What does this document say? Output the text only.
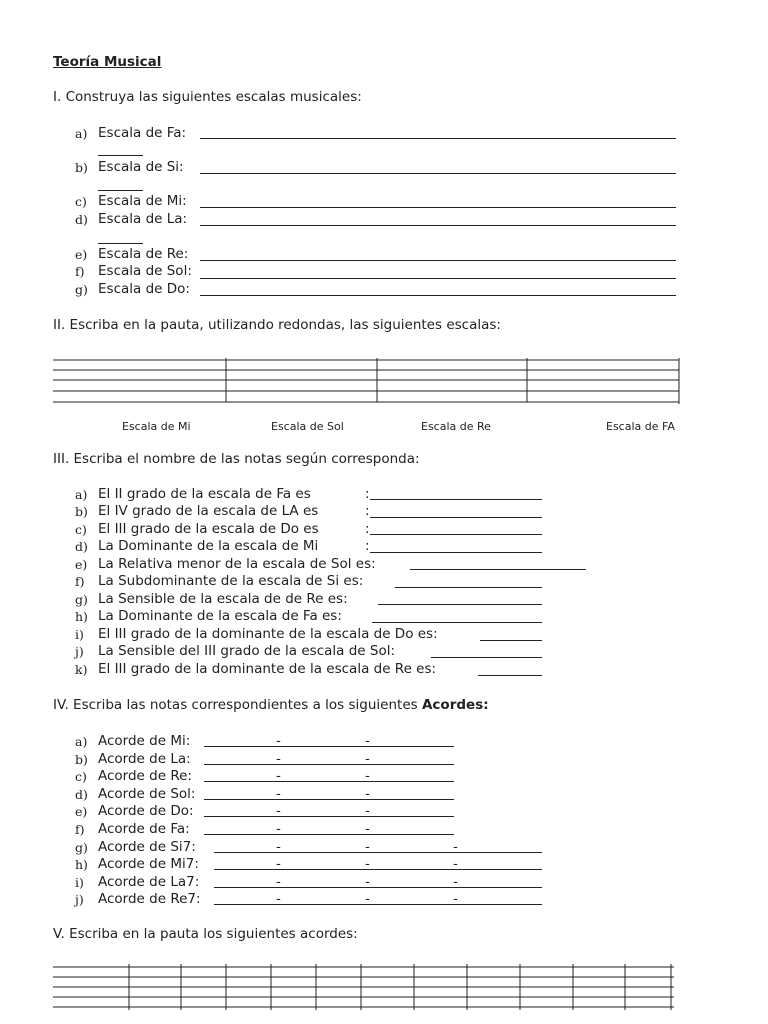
Teoría Musical
I. Construya las siguientes escalas musicales:
a) Escala de Fa:
b) Escala de Si:
c) Escala de Mi:
d) Escala de La:
e) Escala de Re:
f) Escala de Sol:
g) Escala de Do:
II. Escriba en la pauta, utilizando redondas, las siguientes escalas:
Escala de Mi	Escala de Sol	Escala de Re	Escala de FA
III. Escriba el nombre de las notas según corresponda:
a) El II grado de la escala de Fa es	:
b) El IV grado de la escala de LA es	:
c) El III grado de la escala de Do es	:
d) La Dominante de la escala de Mi	:
e) La Relativa menor de la escala de Sol es:
f) La Subdominante de la escala de Si es:
g) La Sensible de la escala de de Re es:
h) La Dominante de la escala de Fa es:
i) El III grado de la dominante de la escala de Do es:
j) La Sensible del III grado de la escala de Sol:
k) El III grado de la dominante de la escala de Re es:
IV. Escriba las notas correspondientes a los siguientes Acordes:
a) Acorde de Mi:	-	-
b) Acorde de La:	-	-
c) Acorde de Re:	-	-
d) Acorde de Sol:	-	-
e) Acorde de Do:	-	-
f) Acorde de Fa:	-	-
g) Acorde de Si7:	-	-	-
h) Acorde de Mi7:	-	-	-
i) Acorde de La7:	-	-	-
j) Acorde de Re7:	-	-	-
V. Escriba en la pauta los siguientes acordes:
